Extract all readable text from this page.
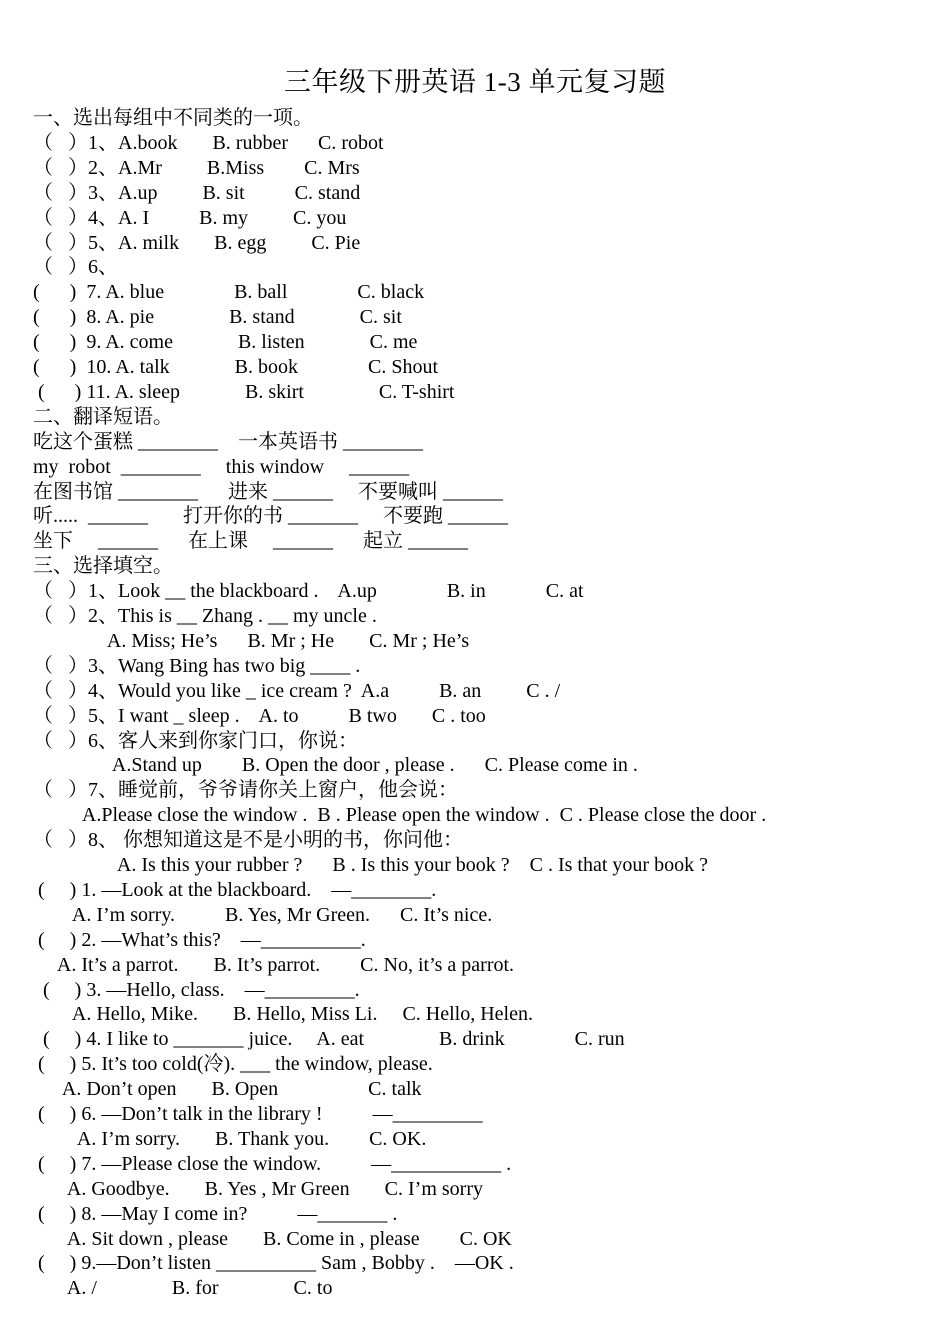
三年级下册英语 1-3 单元复习题
一、选出每组中不同类的一项。
（   ）1、A.book       B. rubber      C. robot
（   ）2、A.Mr         B.Miss        C. Mrs
（   ）3、A.up         B. sit          C. stand
（   ）4、A. I          B. my         C. you
（   ）5、A. milk       B. egg         C. Pie
（   ）6、
(      )  7. A. blue              B. ball              C. black
(      )  8. A. pie               B. stand             C. sit
(      )  9. A. come             B. listen             C. me
(      )  10. A. talk             B. book              C. Shout
(      ) 11. A. sleep             B. skirt               C. T-shirt
二、翻译短语。
吃这个蛋糕 ________    一本英语书 ________
my  robot  ________     this window     ______
在图书馆 ________      进来 ______     不要喊叫 ______
听.....  ______       打开你的书 _______     不要跑 ______
坐下     ______      在上课     ______      起立 ______
三、选择填空。
（   ）1、Look __ the blackboard .    A.up              B. in            C. at
（   ）2、This is __ Zhang . __ my uncle .
A. Miss; He’s      B. Mr ; He       C. Mr ; He’s
（   ）3、Wang Bing has two big ____ .
（   ）4、Would you like _ ice cream ?  A.a          B. an         C . /
（   ）5、I want _ sleep .    A. to          B two       C . too
（   ）6、客人来到你家门口，你说：
A.Stand up        B. Open the door , please .      C. Please come in .
（   ）7、睡觉前，爷爷请你关上窗户，他会说：
A.Please close the window .  B . Please open the window .  C . Please close the door .
（   ）8、 你想知道这是不是小明的书，你问他：
A. Is this your rubber ?      B . Is this your book ?    C . Is that your book ?
(     ) 1. —Look at the blackboard.    —________.
A. I’m sorry.          B. Yes, Mr Green.      C. It’s nice.
(     ) 2. —What’s this?    —__________.
A. It’s a parrot.       B. It’s parrot.        C. No, it’s a parrot.
(     ) 3. —Hello, class.    —_________.
A. Hello, Mike.       B. Hello, Miss Li.     C. Hello, Helen.
(     ) 4. I like to _______ juice.     A. eat               B. drink              C. run
(     ) 5. It’s too cold(冷). ___ the window, please.
A. Don’t open       B. Open                  C. talk
(     ) 6. —Don’t talk in the library !          —_________
A. I’m sorry.       B. Thank you.        C. OK.
(     ) 7. —Please close the window.          —___________ .
A. Goodbye.       B. Yes , Mr Green       C. I’m sorry
(     ) 8. —May I come in?          —_______ .
A. Sit down , please       B. Come in , please        C. OK
(     ) 9.—Don’t listen __________ Sam , Bobby .    —OK .
A. /               B. for               C. to
